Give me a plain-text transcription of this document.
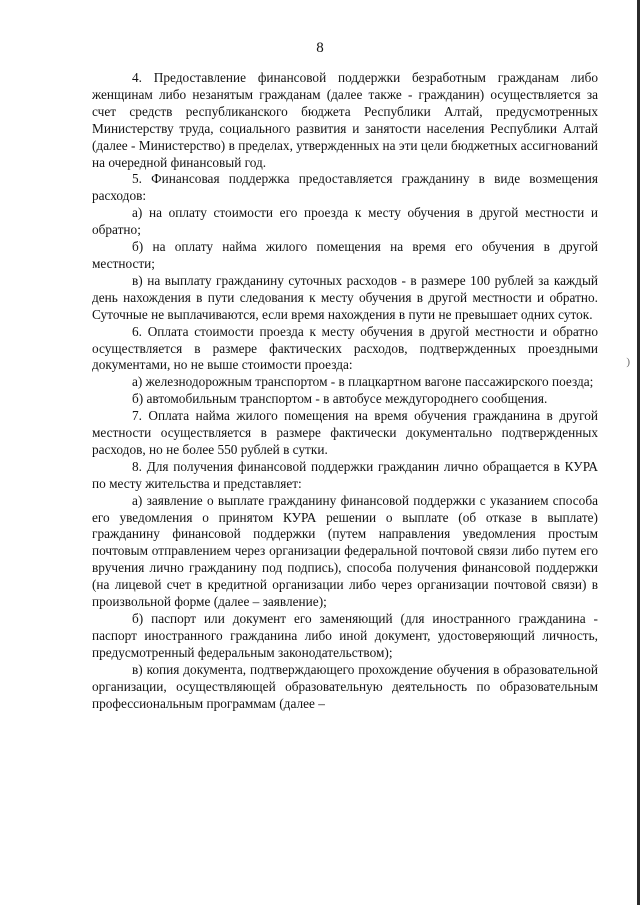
8

4. Предоставление финансовой поддержки безработным гражданам либо женщинам либо незанятым гражданам (далее также - гражданин) осуществляется за счет средств республиканского бюджета Республики Алтай, предусмотренных Министерству труда, социального развития и занятости населения Республики Алтай (далее - Министерство) в пределах, утвержденных на эти цели бюджетных ассигнований на очередной финансовый год.

5. Финансовая поддержка предоставляется гражданину в виде возмещения расходов:

а) на оплату стоимости его проезда к месту обучения в другой местности и обратно;

б) на оплату найма жилого помещения на время его обучения в другой местности;

в) на выплату гражданину суточных расходов - в размере 100 рублей за каждый день нахождения в пути следования к месту обучения в другой местности и обратно. Суточные не выплачиваются, если время нахождения в пути не превышает одних суток.

6. Оплата стоимости проезда к месту обучения в другой местности и обратно осуществляется в размере фактических расходов, подтвержденных проездными документами, но не выше стоимости проезда:

а) железнодорожным транспортом - в плацкартном вагоне пассажирского поезда;

б) автомобильным транспортом - в автобусе междугороднего сообщения.

7. Оплата найма жилого помещения на время обучения гражданина в другой местности осуществляется в размере фактически документально подтвержденных расходов, но не более 550 рублей в сутки.

8. Для получения финансовой поддержки гражданин лично обращается в КУРА по месту жительства и представляет:

а) заявление о выплате гражданину финансовой поддержки с указанием способа его уведомления о принятом КУРА решении о выплате (об отказе в выплате) гражданину финансовой поддержки (путем направления уведомления простым почтовым отправлением через организации федеральной почтовой связи либо путем его вручения лично гражданину под подпись), способа получения финансовой поддержки (на лицевой счет в кредитной организации либо через организации почтовой связи) в произвольной форме (далее – заявление);

б) паспорт или документ его заменяющий (для иностранного гражданина - паспорт иностранного гражданина либо иной документ, удостоверяющий личность, предусмотренный федеральным законодательством);

в) копия документа, подтверждающего прохождение обучения в образовательной организации, осуществляющей образовательную деятельность по образовательным профессиональным программам (далее –

)
